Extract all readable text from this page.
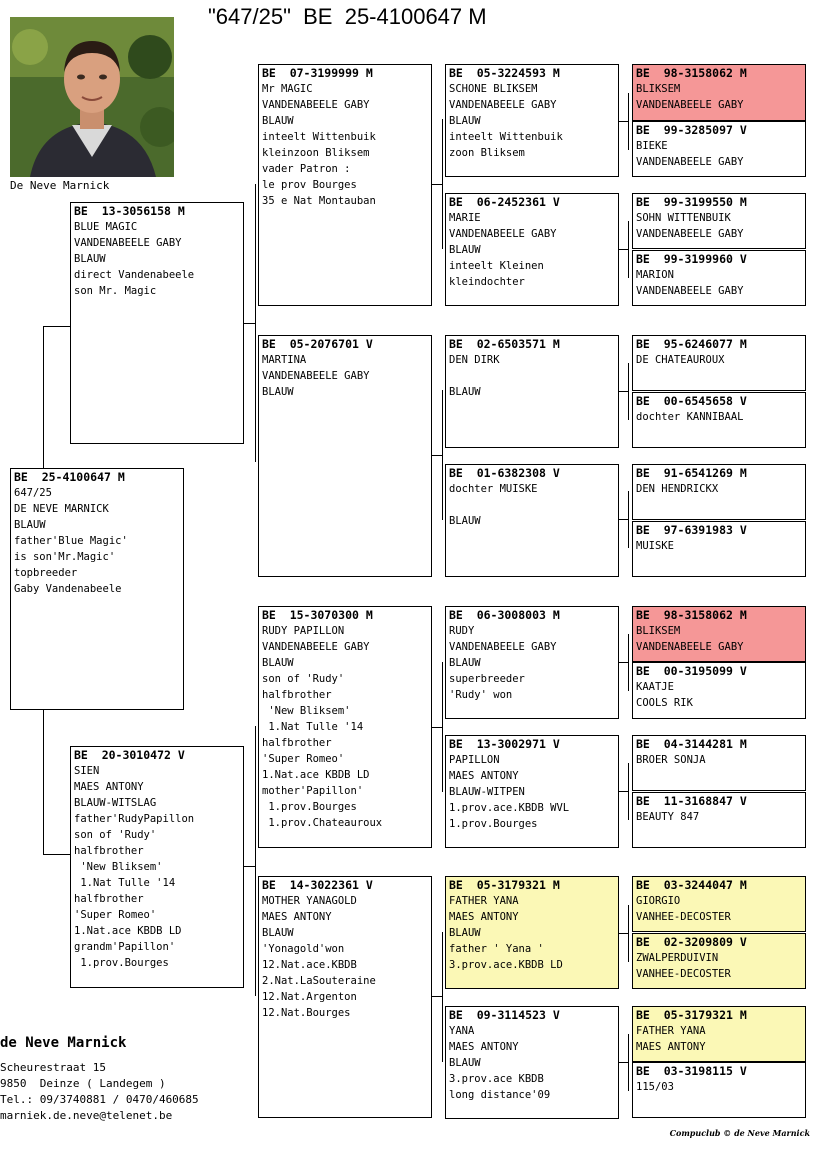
"647/25"  BE  25-4100647 M
De Neve Marnick
BE  25-4100647 M
647/25
DE NEVE MARNICK
BLAUW
father'Blue Magic'
is son'Mr.Magic'
topbreeder
Gaby Vandenabeele
BE  13-3056158 M
BLUE MAGIC
VANDENABEELE GABY
BLAUW
direct Vandenabeele
son Mr. Magic
BE  20-3010472 V
SIEN
MAES ANTONY
BLAUW-WITSLAG
father'RudyPapillon
son of 'Rudy'
halfbrother
'New Bliksem'
1.Nat Tulle '14
halfbrother
'Super Romeo'
1.Nat.ace KBDB LD
grandm'Papillon'
1.prov.Bourges
BE  07-3199999 M
Mr MAGIC
VANDENABEELE GABY
BLAUW
inteelt Wittenbuik
kleinzoon Bliksem
vader Patron :
le prov Bourges
35 e Nat Montauban
BE  05-2076701 V
MARTINA
VANDENABEELE GABY
BLAUW
BE  15-3070300 M
RUDY PAPILLON
VANDENABEELE GABY
BLAUW
son of 'Rudy'
halfbrother
'New Bliksem'
1.Nat Tulle '14
halfbrother
'Super Romeo'
1.Nat.ace KBDB LD
mother'Papillon'
1.prov.Bourges
1.prov.Chateauroux
BE  14-3022361 V
MOTHER YANAGOLD
MAES ANTONY
BLAUW
'Yonagold'won
12.Nat.ace.KBDB
2.Nat.LaSouteraine
12.Nat.Argenton
12.Nat.Bourges
BE  05-3224593 M
SCHONE BLIKSEM
VANDENABEELE GABY
BLAUW
inteelt Wittenbuik
zoon Bliksem
BE  06-2452361 V
MARIE
VANDENABEELE GABY
BLAUW
inteelt Kleinen
kleindochter
BE  02-6503571 M
DEN DIRK
BLAUW
BE  01-6382308 V
dochter MUISKE
BLAUW
BE  06-3008003 M
RUDY
VANDENABEELE GABY
BLAUW
superbreeder
'Rudy' won
BE  13-3002971 V
PAPILLON
MAES ANTONY
BLAUW-WITPEN
1.prov.ace.KBDB WVL
1.prov.Bourges
BE  05-3179321 M
FATHER YANA
MAES ANTONY
BLAUW
father ' Yana '
3.prov.ace.KBDB LD
BE  09-3114523 V
YANA
MAES ANTONY
BLAUW
3.prov.ace KBDB
long distance'09
BE  98-3158062 M
BLIKSEM
VANDENABEELE GABY
BE  99-3285097 V
BIEKE
VANDENABEELE GABY
BE  99-3199550 M
SOHN WITTENBUIK
VANDENABEELE GABY
BE  99-3199960 V
MARION
VANDENABEELE GABY
BE  95-6246077 M
DE CHATEAUROUX
BE  00-6545658 V
dochter KANNIBAAL
BE  91-6541269 M
DEN HENDRICKX
BE  97-6391983 V
MUISKE
BE  98-3158062 M
BLIKSEM
VANDENABEELE GABY
BE  00-3195099 V
KAATJE
COOLS RIK
BE  04-3144281 M
BROER SONJA
BE  11-3168847 V
BEAUTY 847
BE  03-3244047 M
GIORGIO
VANHEE-DECOSTER
BE  02-3209809 V
ZWALPERDUIVIN
VANHEE-DECOSTER
BE  05-3179321 M
FATHER YANA
MAES ANTONY
BE  03-3198115 V
115/03
de Neve Marnick
Scheurestraat 15
9850  Deinze ( Landegem )
Tel.: 09/3740881 / 0470/460685
marniek.de.neve@telenet.be
Compuclub © de Neve Marnick
